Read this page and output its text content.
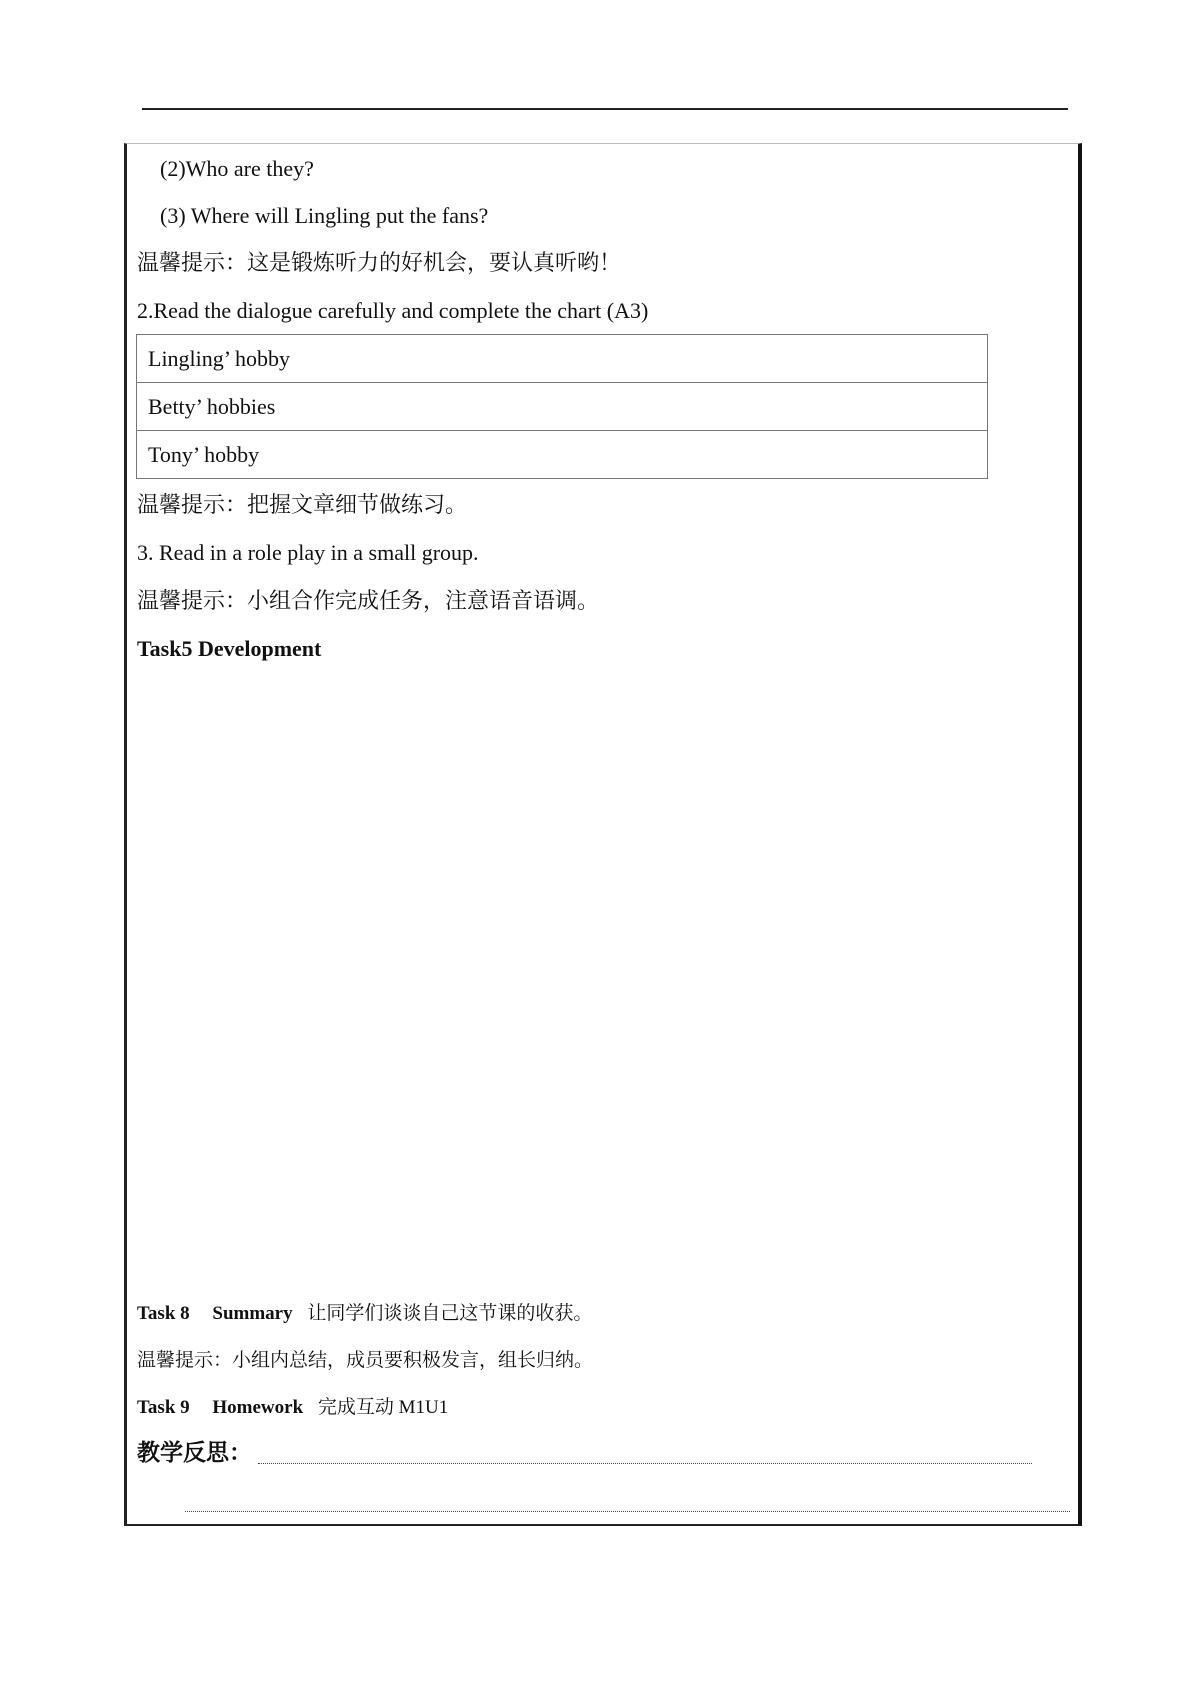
(2)Who are they?
(3) Where will Lingling put the fans?
温馨提示：这是锻炼听力的好机会，要认真听哟！
2.Read the dialogue carefully and complete the chart (A3)
Lingling’ hobby
Betty’ hobbies
Tony’ hobby
温馨提示：把握文章细节做练习。
3. Read in a role play in a small group.
温馨提示：小组合作完成任务，注意语音语调。
Task5 Development
Task 8 Summary 让同学们谈谈自己这节课的收获。
温馨提示：小组内总结，成员要积极发言，组长归纳。
Task 9 Homework 完成互动 M1U1
教学反思：
